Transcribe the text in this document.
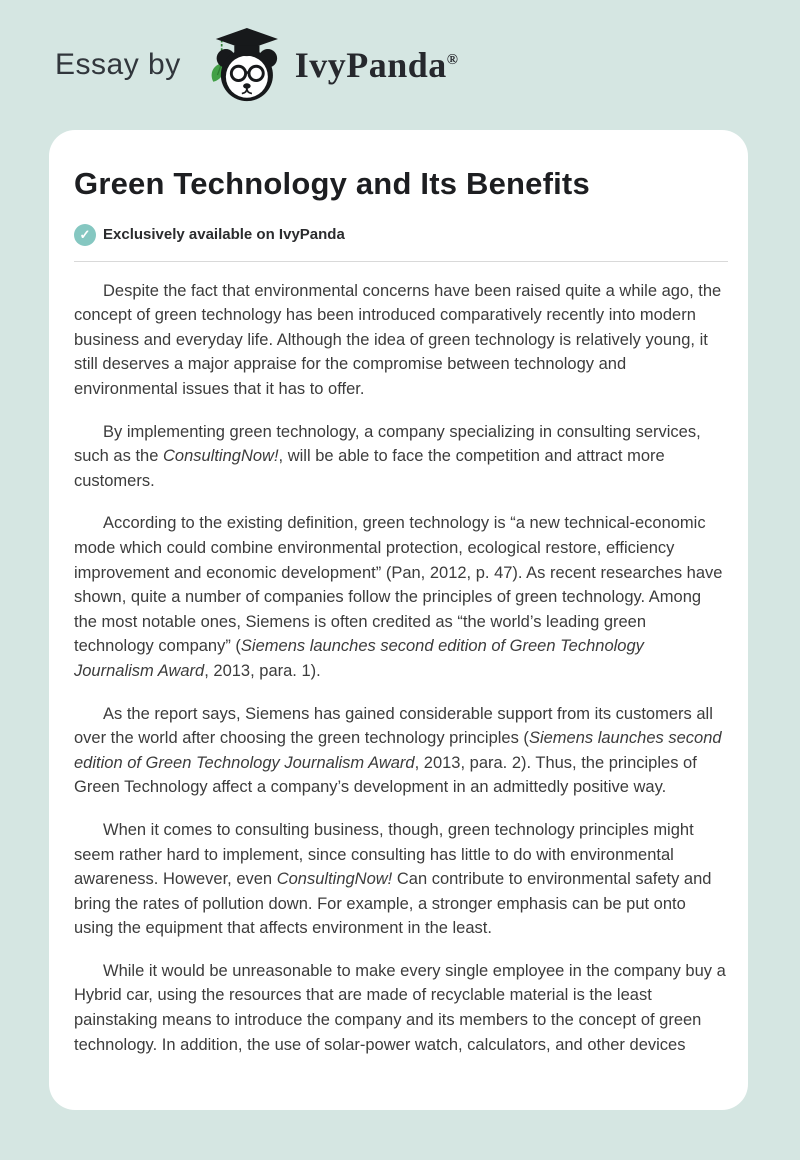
Essay by	IvyPanda®
Green Technology and Its Benefits
✓ Exclusively available on IvyPanda

Despite the fact that environmental concerns have been raised quite a while ago, the concept of green technology has been introduced comparatively recently into modern business and everyday life. Although the idea of green technology is relatively young, it still deserves a major appraise for the compromise between technology and environmental issues that it has to offer.

By implementing green technology, a company specializing in consulting services, such as the ConsultingNow!, will be able to face the competition and attract more customers.

According to the existing definition, green technology is “a new technical-economic mode which could combine environmental protection, ecological restore, efficiency improvement and economic development” (Pan, 2012, p. 47). As recent researches have shown, quite a number of companies follow the principles of green technology. Among the most notable ones, Siemens is often credited as “the world’s leading green technology company” (Siemens launches second edition of Green Technology Journalism Award, 2013, para. 1).

As the report says, Siemens has gained considerable support from its customers all over the world after choosing the green technology principles (Siemens launches second edition of Green Technology Journalism Award, 2013, para. 2). Thus, the principles of Green Technology affect a company’s development in an admittedly positive way.

When it comes to consulting business, though, green technology principles might seem rather hard to implement, since consulting has little to do with environmental awareness. However, even ConsultingNow! Can contribute to environmental safety and bring the rates of pollution down. For example, a stronger emphasis can be put onto using the equipment that affects environment in the least.

While it would be unreasonable to make every single employee in the company buy a Hybrid car, using the resources that are made of recyclable material is the least painstaking means to introduce the company and its members to the concept of green technology. In addition, the use of solar-power watch, calculators, and other devices
